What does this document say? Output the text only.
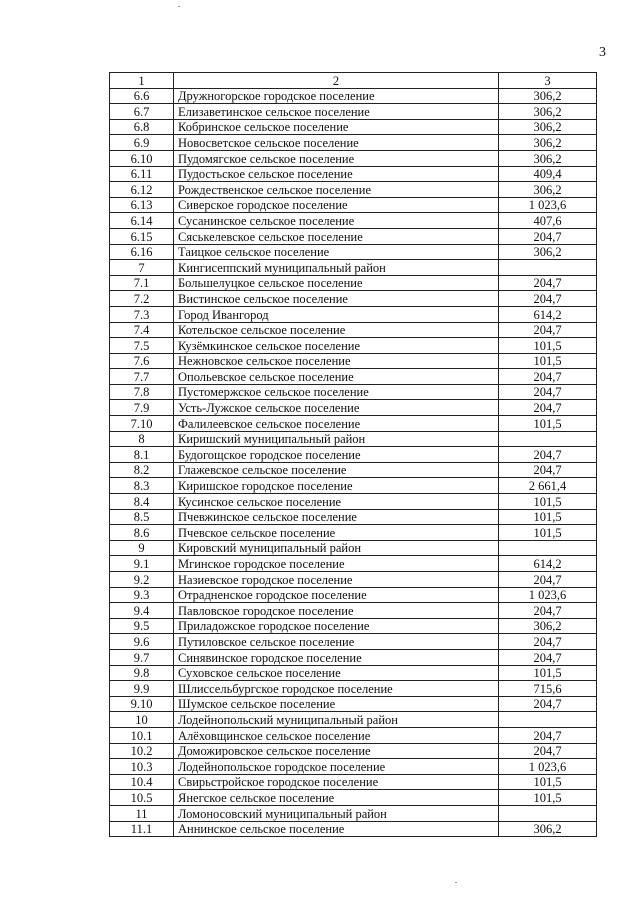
3
1	2	3
6.6	Дружногорское городское поселение	306,2
6.7	Елизаветинское сельское поселение	306,2
6.8	Кобринское сельское поселение	306,2
6.9	Новосветское сельское поселение	306,2
6.10	Пудомягское сельское поселение	306,2
6.11	Пудостьское сельское поселение	409,4
6.12	Рождественское сельское поселение	306,2
6.13	Сиверское городское поселение	1 023,6
6.14	Сусанинское сельское поселение	407,6
6.15	Сяськелевское сельское поселение	204,7
6.16	Таицкое сельское поселение	306,2
7	Кингисеппский муниципальный район	
7.1	Большелуцкое сельское поселение	204,7
7.2	Вистинское сельское поселение	204,7
7.3	Город Ивангород	614,2
7.4	Котельское сельское поселение	204,7
7.5	Кузёмкинское сельское поселение	101,5
7.6	Нежновское сельское поселение	101,5
7.7	Опольевское сельское поселение	204,7
7.8	Пустомержское сельское поселение	204,7
7.9	Усть-Лужское сельское поселение	204,7
7.10	Фалилеевское сельское поселение	101,5
8	Киришский муниципальный район	
8.1	Будогощское городское поселение	204,7
8.2	Глажевское сельское поселение	204,7
8.3	Киришское городское поселение	2 661,4
8.4	Кусинское сельское поселение	101,5
8.5	Пчевжинское сельское поселение	101,5
8.6	Пчевское сельское поселение	101,5
9	Кировский муниципальный район	
9.1	Мгинское городское поселение	614,2
9.2	Назиевское городское поселение	204,7
9.3	Отрадненское городское поселение	1 023,6
9.4	Павловское городское поселение	204,7
9.5	Приладожское городское поселение	306,2
9.6	Путиловское сельское поселение	204,7
9.7	Синявинское городское поселение	204,7
9.8	Суховское сельское поселение	101,5
9.9	Шлиссельбургское городское поселение	715,6
9.10	Шумское сельское поселение	204,7
10	Лодейнопольский муниципальный район	
10.1	Алёховщинское сельское поселение	204,7
10.2	Доможировское сельское поселение	204,7
10.3	Лодейнопольское городское поселение	1 023,6
10.4	Свирьстройское городское поселение	101,5
10.5	Янегское сельское поселение	101,5
11	Ломоносовский муниципальный район	
11.1	Аннинское сельское поселение	306,2
